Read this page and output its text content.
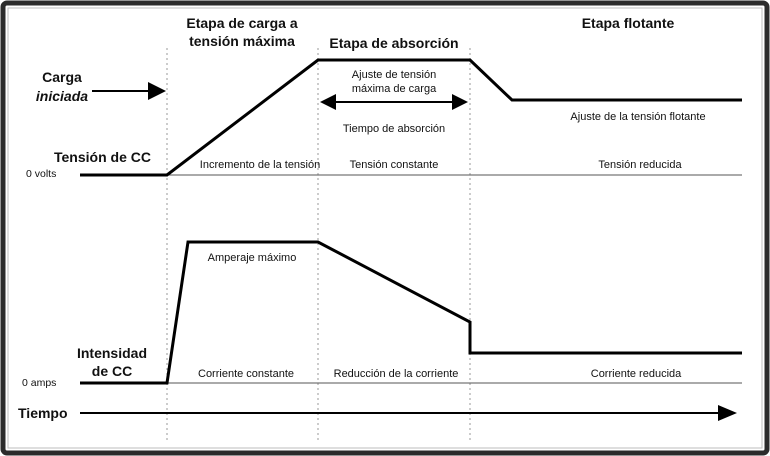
Etapa de carga a
tensión máxima Etapa de absorción
Etapa flotante
Carga
iniciada
Tensión de CC
0 volts
Ajuste de tensión
máxima de carga
Tiempo de absorción
Ajuste de la tensión flotante
Incremento de la tensión	Tensión constante	Tensión reducida
Intensidad
de CC
0 amps
Amperaje máximo
Corriente constante	Reducción de la corriente	Corriente reducida
Tiempo
